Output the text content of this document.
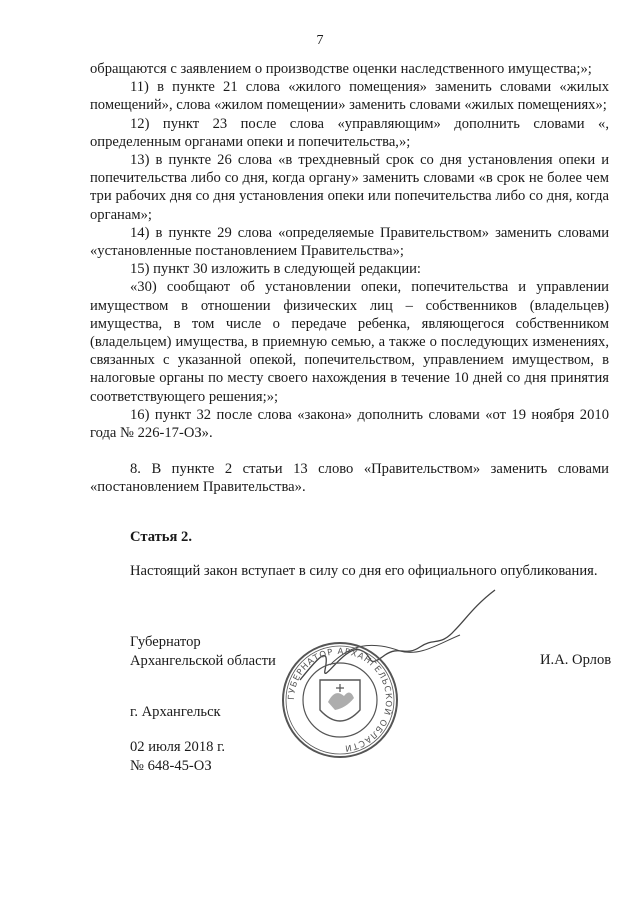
7

обращаются с заявлением о производстве оценки наследственного имущества;»;

11) в пункте 21 слова «жилого помещения» заменить словами «жилых помещений», слова «жилом помещении» заменить словами «жилых помещениях»;

12) пункт 23 после слова «управляющим» дополнить словами «, определенным органами опеки и попечительства,»;

13) в пункте 26 слова «в трехдневный срок со дня установления опеки и попечительства либо со дня, когда органу» заменить словами «в срок не более чем три рабочих дня со дня установления опеки или попечительства либо со дня, когда органам»;

14) в пункте 29 слова «определяемые Правительством» заменить словами «установленные постановлением Правительства»;

15) пункт 30 изложить в следующей редакции:

«30) сообщают об установлении опеки, попечительства и управлении имуществом в отношении физических лиц – собственников (владельцев) имущества, в том числе о передаче ребенка, являющегося собственником (владельцем) имущества, в приемную семью, а также о последующих изменениях, связанных с указанной опекой, попечительством, управлением имуществом, в налоговые органы по месту своего нахождения в течение 10 дней со дня принятия соответствующего решения;»;

16) пункт 32 после слова «закона» дополнить словами «от 19 ноября 2010 года № 226-17-ОЗ».

8. В пункте 2 статьи 13 слово «Правительством» заменить словами «постановлением Правительства».

Статья 2.

Настоящий закон вступает в силу со дня его официального опубликования.

ГУБЕРНАТОР АРХАНГЕЛЬСКОЙ ОБЛАСТИ
Губернатор
Архангельской области	И.А. Орлов
г. Архангельск
02 июля 2018 г.
№ 648-45-ОЗ
